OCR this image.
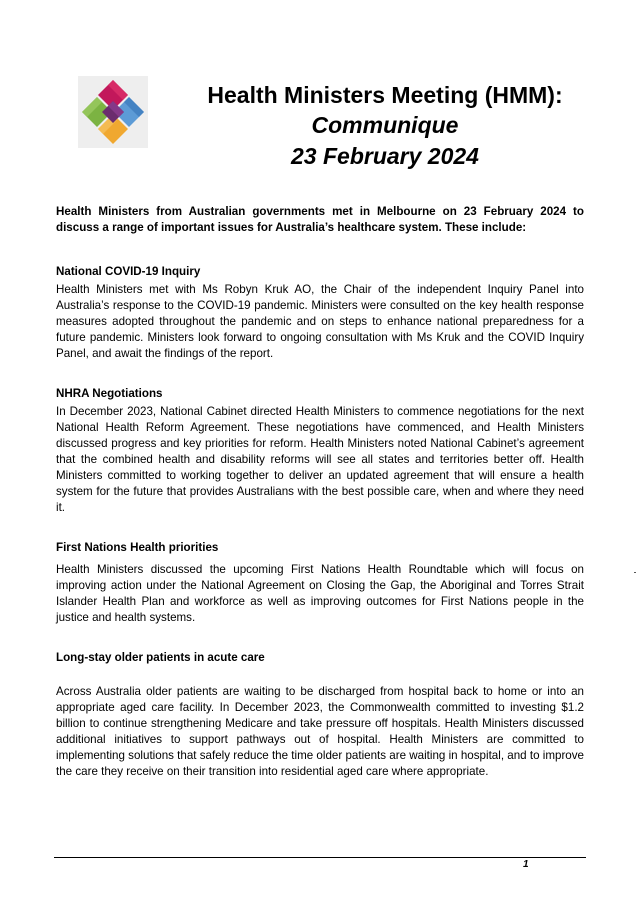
Health Ministers Meeting (HMM):
Communique
23 February 2024

Health Ministers from Australian governments met in Melbourne on 23 February 2024 to discuss a range of important issues for Australia’s healthcare system. These include:

National COVID-19 Inquiry

Health Ministers met with Ms Robyn Kruk AO, the Chair of the independent Inquiry Panel into Australia’s response to the COVID-19 pandemic. Ministers were consulted on the key health response measures adopted throughout the pandemic and on steps to enhance national preparedness for a future pandemic. Ministers look forward to ongoing consultation with Ms Kruk and the COVID Inquiry Panel, and await the findings of the report.

NHRA Negotiations

In December 2023, National Cabinet directed Health Ministers to commence negotiations for the next National Health Reform Agreement. These negotiations have commenced, and Health Ministers discussed progress and key priorities for reform. Health Ministers noted National Cabinet’s agreement that the combined health and disability reforms will see all states and territories better off. Health Ministers committed to working together to deliver an updated agreement that will ensure a health system for the future that provides Australians with the best possible care, when and where they need it.

First Nations Health priorities

Health Ministers discussed the upcoming First Nations Health Roundtable which will focus on improving action under the National Agreement on Closing the Gap, the Aboriginal and Torres Strait Islander Health Plan and workforce as well as improving outcomes for First Nations people in the justice and health systems.

Long-stay older patients in acute care

Across Australia older patients are waiting to be discharged from hospital back to home or into an appropriate aged care facility. In December 2023, the Commonwealth committed to investing $1.2 billion to continue strengthening Medicare and take pressure off hospitals. Health Ministers discussed additional initiatives to support pathways out of hospital. Health Ministers are committed to implementing solutions that safely reduce the time older patients are waiting in hospital, and to improve the care they receive on their transition into residential aged care where appropriate.

1
